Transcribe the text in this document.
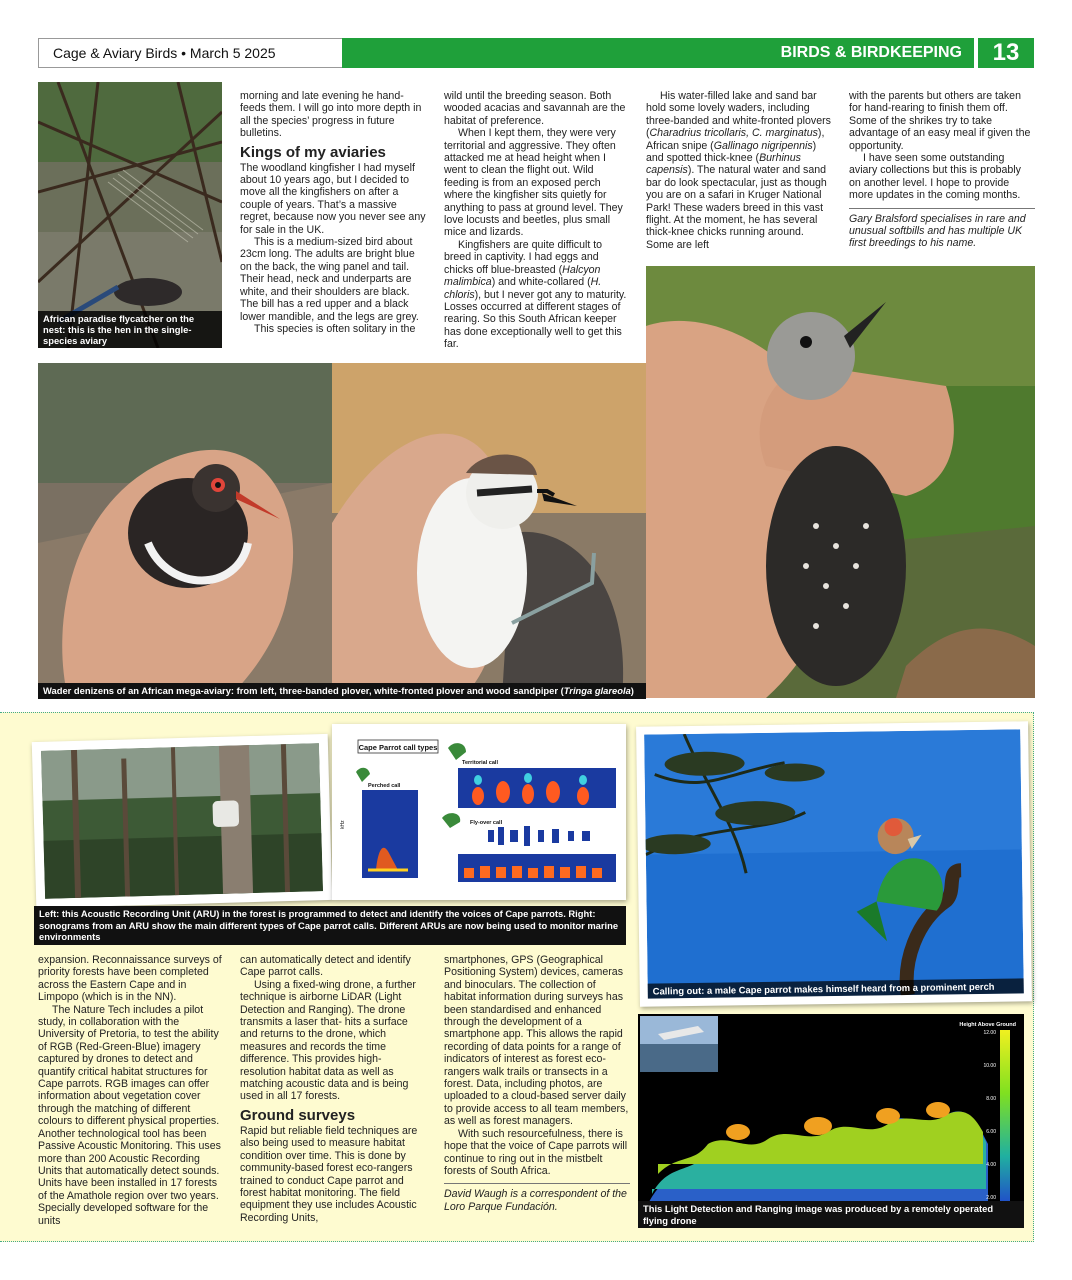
Cage & Aviary Birds • March 5 2025	BIRDS & BIRDKEEPING	13
African paradise flycatcher on the nest: this is the hen in the single-species aviary

morning and late evening he hand-feeds them. I will go into more depth in all the species’ progress in future bulletins.

Kings of my aviaries

The woodland kingfisher I had myself about 10 years ago, but I decided to move all the kingfishers on after a couple of years. That’s a massive regret, because now you never see any for sale in the UK.

This is a medium-sized bird about 23cm long. The adults are bright blue on the back, the wing panel and tail. Their head, neck and underparts are white, and their shoulders are black. The bill has a red upper and a black lower mandible, and the legs are grey.

This species is often solitary in the

wild until the breeding season. Both wooded acacias and savannah are the habitat of preference.

When I kept them, they were very territorial and aggressive. They often attacked me at head height when I went to clean the flight out. Wild feeding is from an exposed perch where the kingfisher sits quietly for anything to pass at ground level. They love locusts and beetles, plus small mice and lizards.

Kingfishers are quite difficult to breed in captivity. I had eggs and chicks off blue-breasted (Halcyon malimbica) and white-collared (H. chloris), but I never got any to maturity. Losses occurred at different stages of rearing. So this South African keeper has done exceptionally well to get this far.

His water-filled lake and sand bar hold some lovely waders, including three-banded and white-fronted plovers (Charadrius tricollaris, C. marginatus), African snipe (Gallinago nigripennis) and spotted thick-knee (Burhinus capensis). The natural water and sand bar do look spectacular, just as though you are on a safari in Kruger National Park! These waders breed in this vast flight. At the moment, he has several thick-knee chicks running around. Some are left

with the parents but others are taken for hand-rearing to finish them off. Some of the shrikes try to take advantage of an easy meal if given the opportunity.

I have seen some outstanding aviary collections but this is probably on another level. I hope to provide more updates in the coming months.

Gary Bralsford specialises in rare and unusual softbills and has multiple UK first breedings to his name.

Wader denizens of an African mega-aviary: from left, three-banded plover, white-fronted plover and wood sandpiper (Tringa glareola)
Cape Parrot call types
Perched call
kHz
Territorial call
Fly-over call
Left: this Acoustic Recording Unit (ARU) in the forest is programmed to detect and identify the voices of Cape parrots. Right: sonograms from an ARU show the main different types of Cape parrot calls. Different ARUs are now being used to monitor marine environments
Calling out: a male Cape parrot makes himself heard from a prominent perch
Height Above Ground
12.00
10.00
8.00
6.00
4.00
2.00
This Light Detection and Ranging image was produced by a remotely operated flying drone

expansion. Reconnaissance surveys of priority forests have been completed across the Eastern Cape and in Limpopo (which is in the NN).

The Nature Tech includes a pilot study, in collaboration with the University of Pretoria, to test the ability of RGB (Red-Green-Blue) imagery captured by drones to detect and quantify critical habitat structures for Cape parrots. RGB images can offer information about vegetation cover through the matching of different colours to different physical properties. Another technological tool has been Passive Acoustic Monitoring. This uses more than 200 Acoustic Recording Units that automatically detect sounds. Units have been installed in 17 forests of the Amathole region over two years. Specially developed software for the units

can automatically detect and identify Cape parrot calls.

Using a fixed-wing drone, a further technique is airborne LiDAR (Light Detection and Ranging). The drone transmits a laser that- hits a surface and returns to the drone, which measures and records the time difference. This provides high-resolution habitat data as well as matching acoustic data and is being used in all 17 forests.

Ground surveys

Rapid but reliable field techniques are also being used to measure habitat condition over time. This is done by community-based forest eco-rangers trained to conduct Cape parrot and forest habitat monitoring. The field equipment they use includes Acoustic Recording Units,

smartphones, GPS (Geographical Positioning System) devices, cameras and binoculars. The collection of habitat information during surveys has been standardised and enhanced through the development of a smartphone app. This allows the rapid recording of data points for a range of indicators of interest as forest eco-rangers walk trails or transects in a forest. Data, including photos, are uploaded to a cloud-based server daily to provide access to all team members, as well as forest managers.

With such resourcefulness, there is hope that the voice of Cape parrots will continue to ring out in the mistbelt forests of South Africa.

David Waugh is a correspondent of the Loro Parque Fundación.
